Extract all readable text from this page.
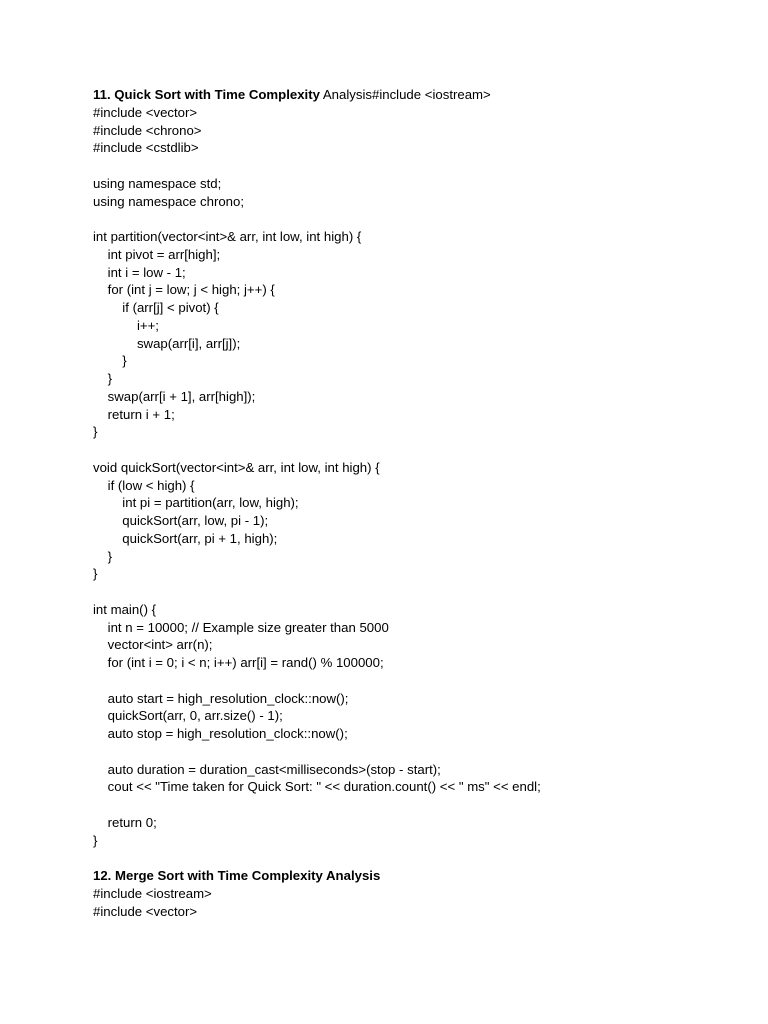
11. Quick Sort with Time Complexity Analysis#include <iostream>
#include <vector>
#include <chrono>
#include <cstdlib>
using namespace std;
using namespace chrono;
int partition(vector<int>& arr, int low, int high) {
int pivot = arr[high];
int i = low - 1;
for (int j = low; j < high; j++) {
if (arr[j] < pivot) {
i++;
swap(arr[i], arr[j]);
}
}
swap(arr[i + 1], arr[high]);
return i + 1;
}
void quickSort(vector<int>& arr, int low, int high) {
if (low < high) {
int pi = partition(arr, low, high);
quickSort(arr, low, pi - 1);
quickSort(arr, pi + 1, high);
}
}
int main() {
int n = 10000; // Example size greater than 5000
vector<int> arr(n);
for (int i = 0; i < n; i++) arr[i] = rand() % 100000;
auto start = high_resolution_clock::now();
quickSort(arr, 0, arr.size() - 1);
auto stop = high_resolution_clock::now();
auto duration = duration_cast<milliseconds>(stop - start);
cout << "Time taken for Quick Sort: " << duration.count() << " ms" << endl;
return 0;
}
12. Merge Sort with Time Complexity Analysis
#include <iostream>
#include <vector>
